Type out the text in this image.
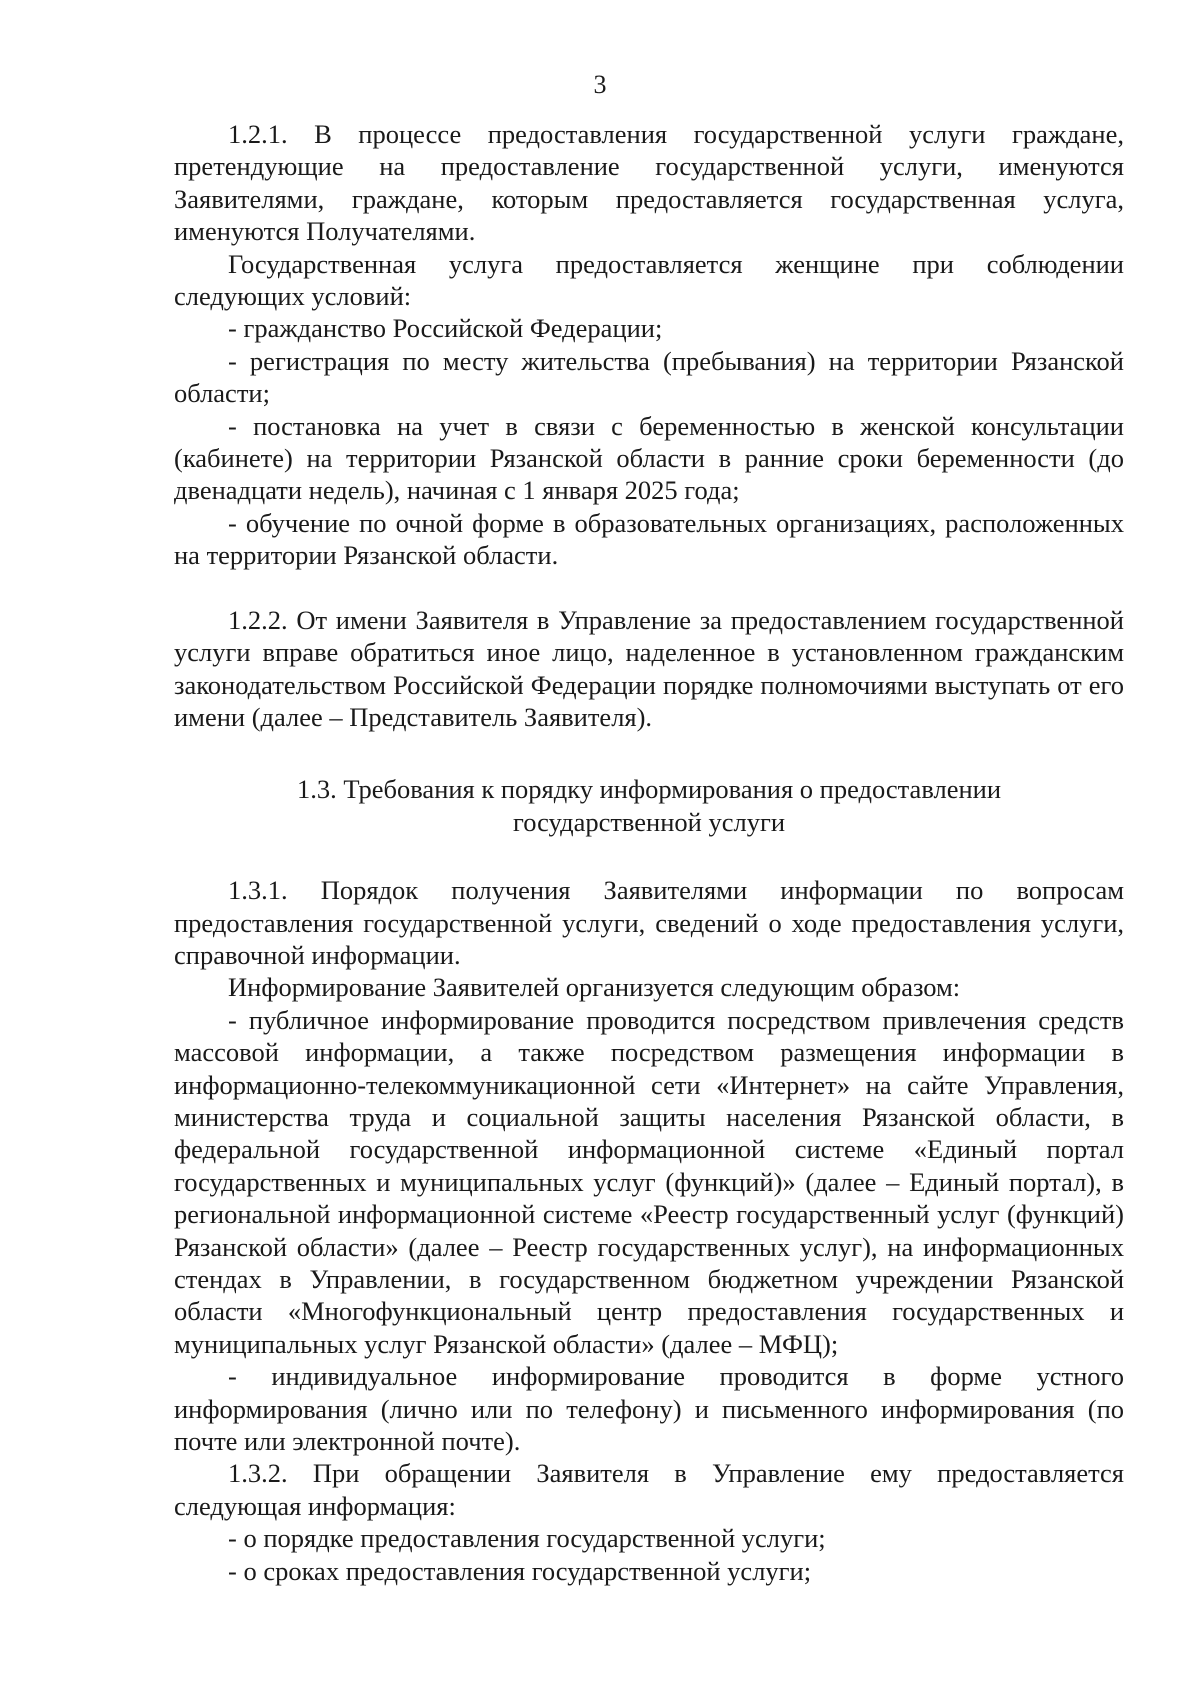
3

1.2.1. В процессе предоставления государственной услуги граждане, претендующие на предоставление государственной услуги, именуются Заявителями, граждане, которым предоставляется государственная услуга, именуются Получателями.

Государственная услуга предоставляется женщине при соблюдении следующих условий:

- гражданство Российской Федерации;

- регистрация по месту жительства (пребывания) на территории Рязанской области;

- постановка на учет в связи с беременностью в женской консультации (кабинете) на территории Рязанской области в ранние сроки беременности (до двенадцати недель), начиная с 1 января 2025 года;

- обучение по очной форме в образовательных организациях, расположенных на территории Рязанской области.

1.2.2. От имени Заявителя в Управление за предоставлением государственной услуги вправе обратиться иное лицо, наделенное в установленном гражданским законодательством Российской Федерации порядке полномочиями выступать от его имени (далее – Представитель Заявителя).

1.3. Требования к порядку информирования о предоставлении
государственной услуги

1.3.1. Порядок получения Заявителями информации по вопросам предоставления государственной услуги, сведений о ходе предоставления услуги, справочной информации.

Информирование Заявителей организуется следующим образом:

- публичное информирование проводится посредством привлечения средств массовой информации, а также посредством размещения информации в информационно-телекоммуникационной сети «Интернет» на сайте Управления, министерства труда и социальной защиты населения Рязанской области, в федеральной государственной информационной системе «Единый портал государственных и муниципальных услуг (функций)» (далее – Единый портал), в региональной информационной системе «Реестр государственный услуг (функций) Рязанской области» (далее – Реестр государственных услуг), на информационных стендах в Управлении, в государственном бюджетном учреждении Рязанской области «Многофункциональный центр предоставления государственных и муниципальных услуг Рязанской области» (далее – МФЦ);

- индивидуальное информирование проводится в форме устного информирования (лично или по телефону) и письменного информирования (по почте или электронной почте).

1.3.2. При обращении Заявителя в Управление ему предоставляется следующая информация:

- о порядке предоставления государственной услуги;

- о сроках предоставления государственной услуги;
